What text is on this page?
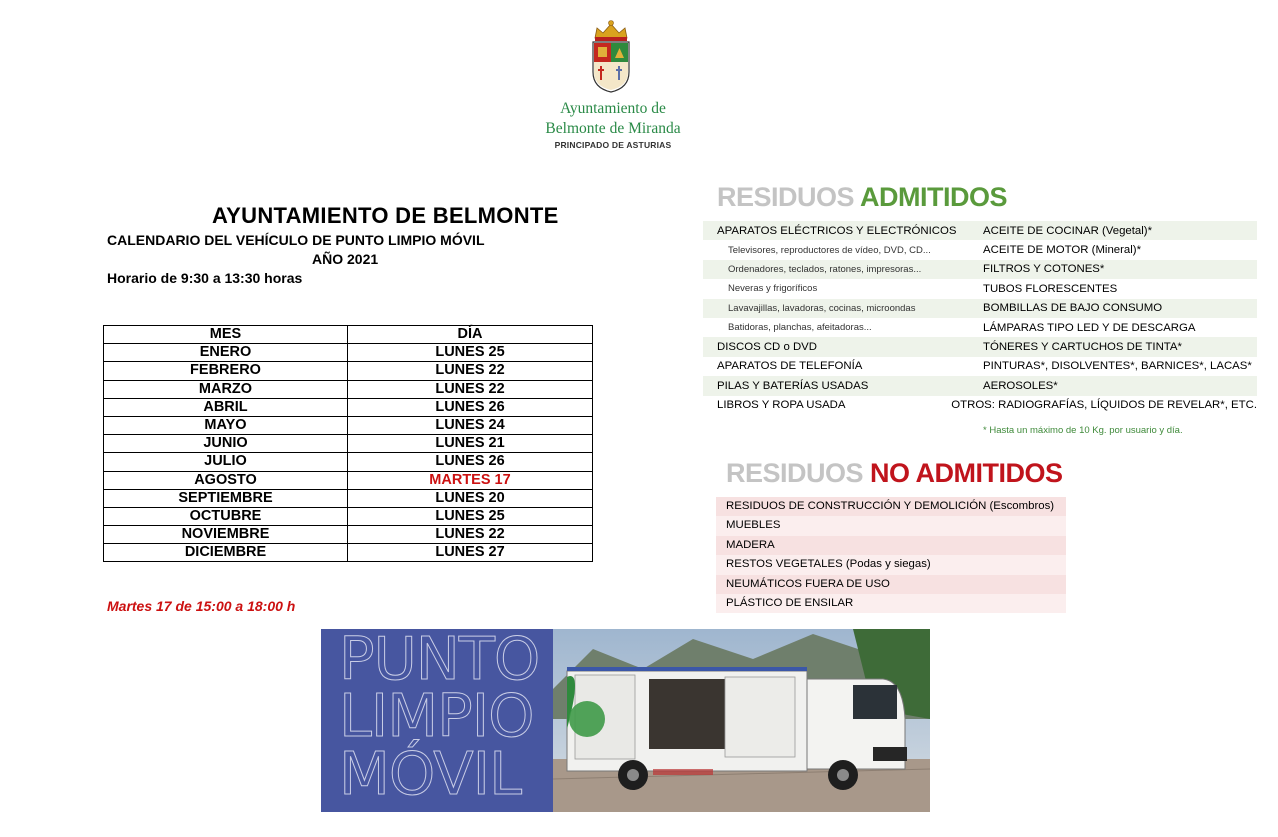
Ayuntamiento de
Belmonte de Miranda
PRINCIPADO DE ASTURIAS
AYUNTAMIENTO DE BELMONTE
CALENDARIO DEL VEHÍCULO DE PUNTO LIMPIO MÓVIL
AÑO 2021
Horario de 9:30 a 13:30 horas
MES	DÍA
ENERO	LUNES 25
FEBRERO	LUNES 22
MARZO	LUNES 22
ABRIL	LUNES 26
MAYO	LUNES 24
JUNIO	LUNES 21
JULIO	LUNES 26
AGOSTO	MARTES 17
SEPTIEMBRE	LUNES 20
OCTUBRE	LUNES 25
NOVIEMBRE	LUNES 22
DICIEMBRE	LUNES 27
Martes 17 de 15:00 a 18:00 h
RESIDUOS ADMITIDOS
APARATOS ELÉCTRICOS Y ELECTRÓNICOS	ACEITE DE COCINAR (Vegetal)*
Televisores, reproductores de vídeo, DVD, CD...	ACEITE DE MOTOR (Mineral)*
Ordenadores, teclados, ratones, impresoras...	FILTROS Y COTONES*
Neveras y frigoríficos	TUBOS FLORESCENTES
Lavavajillas, lavadoras, cocinas, microondas	BOMBILLAS DE BAJO CONSUMO
Batidoras, planchas, afeitadoras...	LÁMPARAS TIPO LED Y DE DESCARGA
DISCOS CD o DVD	TÓNERES Y CARTUCHOS DE TINTA*
APARATOS DE TELEFONÍA	PINTURAS*, DISOLVENTES*, BARNICES*, LACAS*
PILAS Y BATERÍAS USADAS	AEROSOLES*
LIBROS Y ROPA USADA	OTROS: RADIOGRAFÍAS, LÍQUIDOS DE REVELAR*, ETC.
* Hasta un máximo de 10 Kg. por usuario y día.
RESIDUOS NO ADMITIDOS
RESIDUOS DE CONSTRUCCIÓN Y DEMOLICIÓN (Escombros)
MUEBLES
MADERA
RESTOS VEGETALES (Podas y siegas)
NEUMÁTICOS FUERA DE USO
PLÁSTICO DE ENSILAR
PUNTO
LIMPIO
MÓVIL
